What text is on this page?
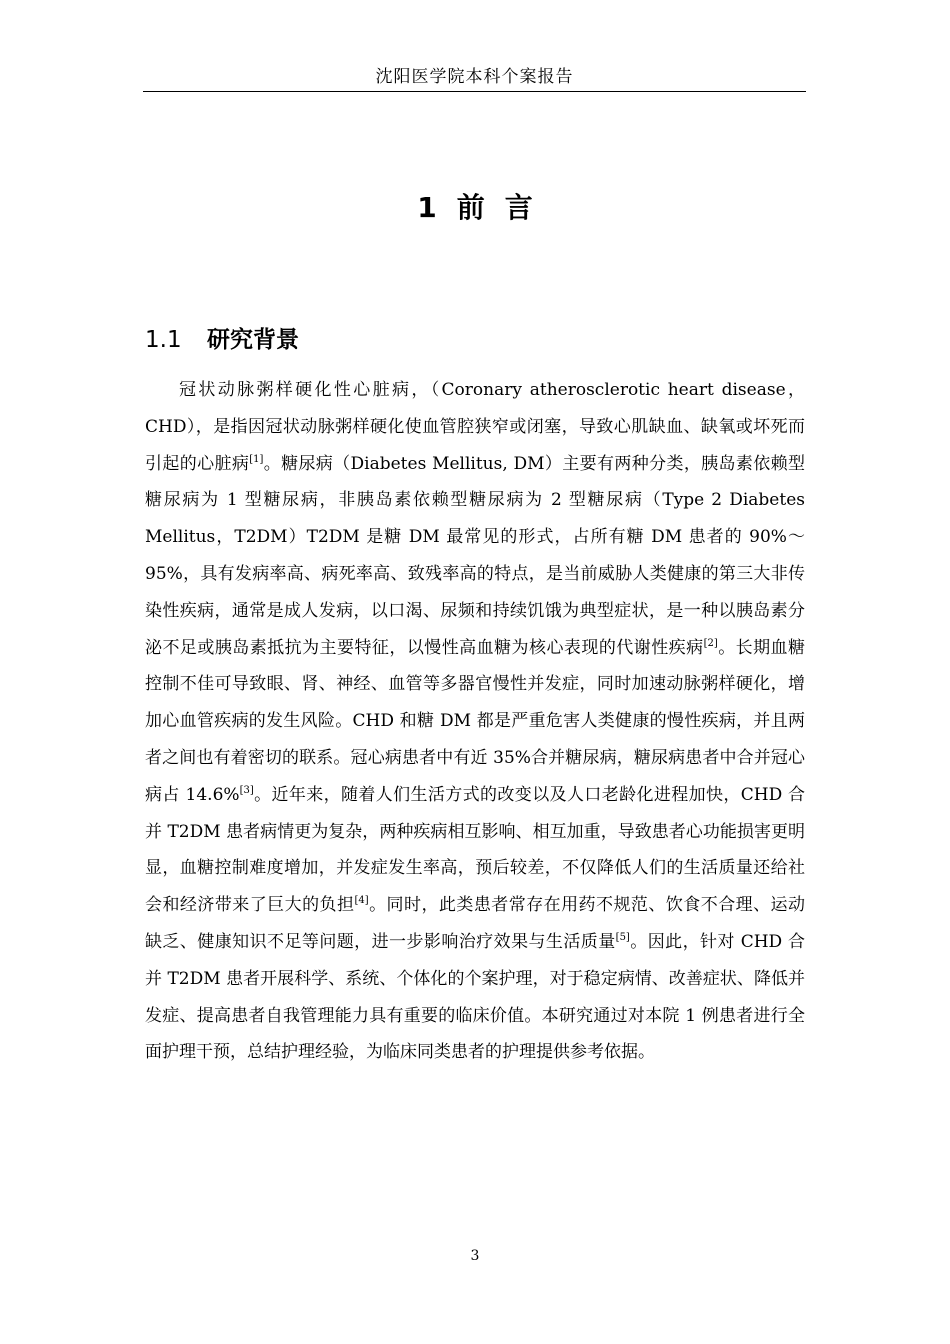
沈阳医学院本科个案报告
1 前 言
1.1 研究背景

冠状动脉粥样硬化性心脏病，（Coronary atherosclerotic heart disease，CHD），是指因冠状动脉粥样硬化使血管腔狭窄或闭塞，导致心肌缺血、缺氧或坏死而引起的心脏病[1]。糖尿病（Diabetes Mellitus, DM）主要有两种分类，胰岛素依赖型糖尿病为 1 型糖尿病，非胰岛素依赖型糖尿病为 2 型糖尿病（Type 2 Diabetes Mellitus，T2DM）T2DM 是糖 DM 最常见的形式，占所有糖 DM 患者的 90%～95%，具有发病率高、病死率高、致残率高的特点，是当前威胁人类健康的第三大非传染性疾病，通常是成人发病，以口渴、尿频和持续饥饿为典型症状，是一种以胰岛素分泌不足或胰岛素抵抗为主要特征，以慢性高血糖为核心表现的代谢性疾病[2]。长期血糖控制不佳可导致眼、肾、神经、血管等多器官慢性并发症，同时加速动脉粥样硬化，增加心血管疾病的发生风险。CHD 和糖 DM 都是严重危害人类健康的慢性疾病，并且两者之间也有着密切的联系。冠心病患者中有近 35%合并糖尿病，糖尿病患者中合并冠心病占 14.6%[3]。近年来，随着人们生活方式的改变以及人口老龄化进程加快，CHD 合并 T2DM 患者病情更为复杂，两种疾病相互影响、相互加重，导致患者心功能损害更明显，血糖控制难度增加，并发症发生率高，预后较差，不仅降低人们的生活质量还给社会和经济带来了巨大的负担[4]。同时，此类患者常存在用药不规范、饮食不合理、运动缺乏、健康知识不足等问题，进一步影响治疗效果与生活质量[5]。因此，针对 CHD 合并 T2DM 患者开展科学、系统、个体化的个案护理，对于稳定病情、改善症状、降低并发症、提高患者自我管理能力具有重要的临床价值。本研究通过对本院 1 例患者进行全面护理干预，总结护理经验，为临床同类患者的护理提供参考依据。

3
